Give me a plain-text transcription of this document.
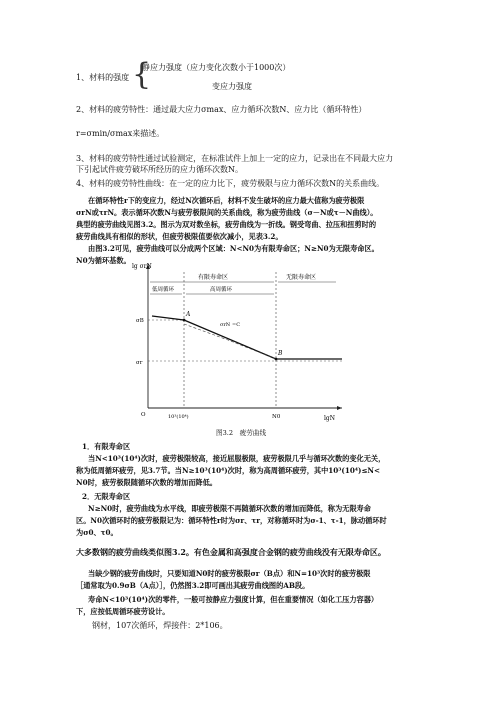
1、材料的强度 {
静应力强度（应力变化次数小于1000次）
变应力强度
2、材料的疲劳特性：通过最大应力σmax、应力循环次数N、应力比（循环特性）
r=σmin/σmax来描述。
3、材料的疲劳特性通过试验测定，在标准试件上加上一定的应力，记录出在不同最大应力
下引起试件疲劳破坏所经历的应力循环次数N。
4、材料的疲劳特性曲线：在一定的应力比下，疲劳极限与应力循环次数N的关系曲线。
在循环特性r下的变应力，经过N次循环后，材料不发生破坏的应力最大值称为疲劳极限
σrN或τrN。表示循环次数N与疲劳极限间的关系曲线，称为疲劳曲线（σ－N或τ－N曲线）。
典型的疲劳曲线见图3.2。图示为双对数坐标，疲劳曲线为一折线。钢受弯曲、拉压和扭剪时的
疲劳曲线具有相似的形状，但疲劳极限值要依次减小，见表3.2。
由图3.2可见，疲劳曲线可以分成两个区域：N<N0为有限寿命区；N≥N0为无限寿命区。
N0为循环基数。
lg σrN
lgN
有限寿命区	无限寿命区
低周循环	高周循环
A
B
σrN =C
σB
σr
10³(10⁴)	N0
O
图3.2　疲劳曲线
1．有限寿命区
当N<10³(10⁴)次时，疲劳极限较高，接近屈服极限，疲劳极限几乎与循环次数的变化无关，
称为低周循环疲劳，见3.7节。当N≥10³(10⁴)次时，称为高周循环疲劳，其中10³(10⁴)≤N<
N0时，疲劳极限随循环次数的增加而降低。
2．无限寿命区
N≥N0时，疲劳曲线为水平线，即疲劳极限不再随循环次数的增加而降低，称为无限寿命
区。N0次循环时的疲劳极限记为：循环特性r时为σr、τr，对称循环时为σ-1、τ-1，脉动循环时
为σ0、τ0。
大多数钢的疲劳曲线类似图3.2。有色金属和高强度合金钢的疲劳曲线没有无限寿命区。
当缺少钢的疲劳曲线时，只要知道N0时的疲劳极限σr（B点）和N=10³次时的疲劳极限
［通常取为0.9σB（A点）］，仍然图3.2即可画出其疲劳曲线图的AB段。
寿命N<10³(10⁴)次的零件，一般可按静应力强度计算，但在重要情况（如化工压力容器）
下，应按低周循环疲劳设计。
钢材，107次循环，焊接件：2*106。
